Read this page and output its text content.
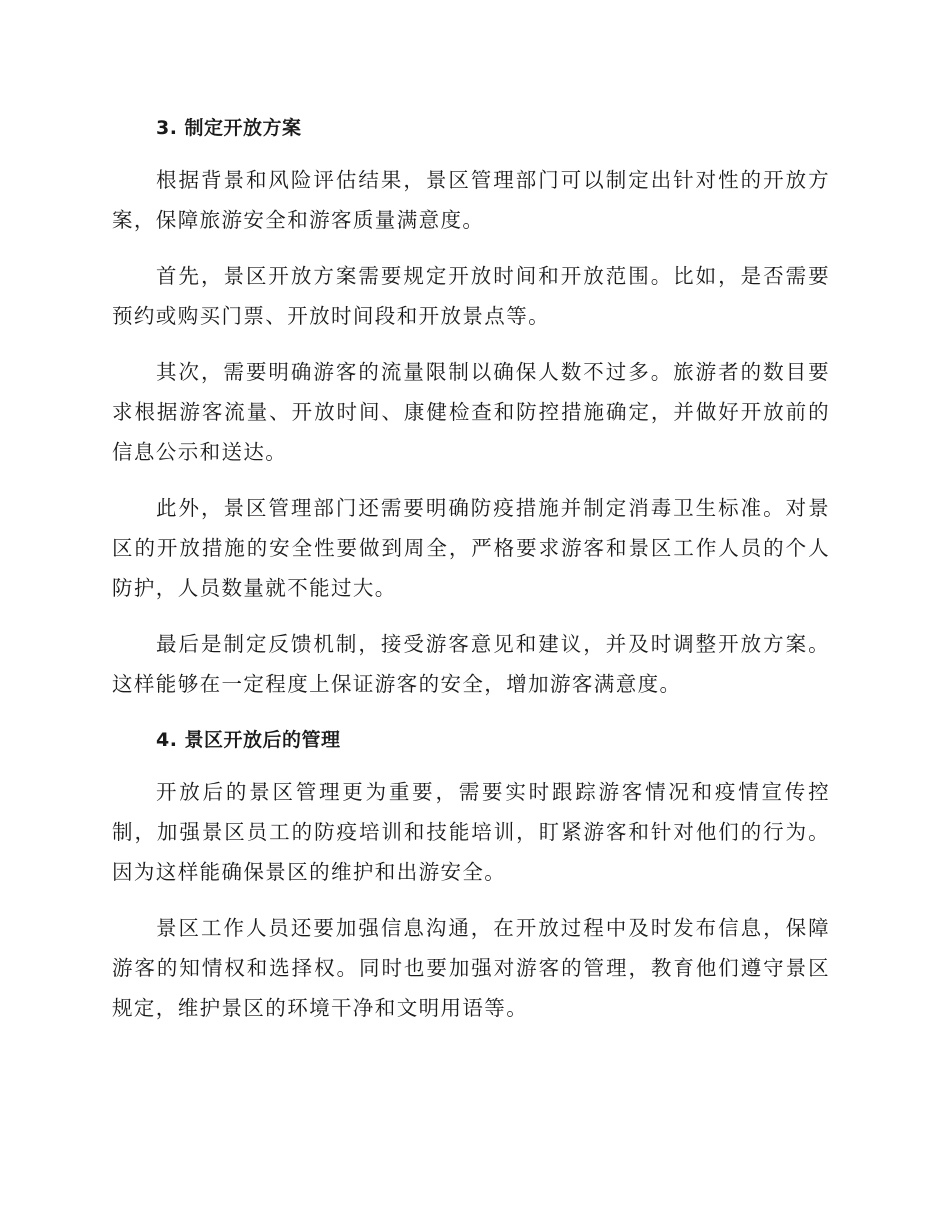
3. 制定开放方案

根据背景和风险评估结果，景区管理部门可以制定出针对性的开放方案，保障旅游安全和游客质量满意度。

首先，景区开放方案需要规定开放时间和开放范围。比如，是否需要预约或购买门票、开放时间段和开放景点等。

其次，需要明确游客的流量限制以确保人数不过多。旅游者的数目要求根据游客流量、开放时间、康健检查和防控措施确定，并做好开放前的信息公示和送达。

此外，景区管理部门还需要明确防疫措施并制定消毒卫生标准。对景区的开放措施的安全性要做到周全，严格要求游客和景区工作人员的个人防护，人员数量就不能过大。

最后是制定反馈机制，接受游客意见和建议，并及时调整开放方案。这样能够在一定程度上保证游客的安全，增加游客满意度。

4. 景区开放后的管理

开放后的景区管理更为重要，需要实时跟踪游客情况和疫情宣传控制，加强景区员工的防疫培训和技能培训，盯紧游客和针对他们的行为。因为这样能确保景区的维护和出游安全。

景区工作人员还要加强信息沟通，在开放过程中及时发布信息，保障游客的知情权和选择权。同时也要加强对游客的管理，教育他们遵守景区规定，维护景区的环境干净和文明用语等。
